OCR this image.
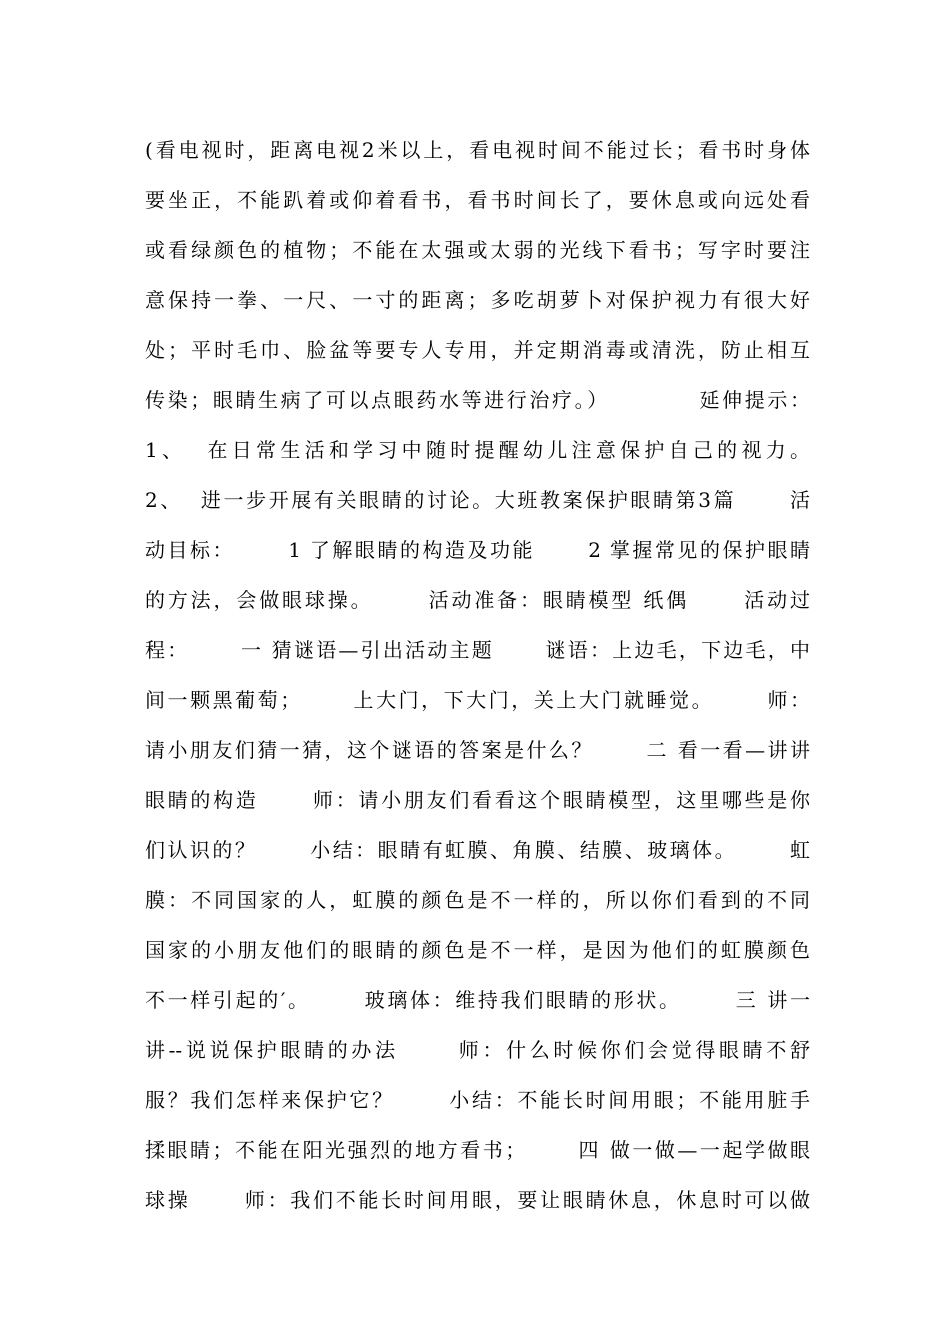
(看电视时，距离电视2米以上，看电视时间不能过长；看书时身体
要坐正，不能趴着或仰着看书，看书时间长了，要休息或向远处看
或看绿颜色的植物；不能在太强或太弱的光线下看书；写字时要注
意保持一拳、一尺、一寸的距离；多吃胡萝卜对保护视力有很大好
处；平时毛巾、脸盆等要专人专用，并定期消毒或清洗，防止相互
传染；眼睛生病了可以点眼药水等进行治疗。）          延伸提示：
1、  在日常生活和学习中随时提醒幼儿注意保护自己的视力。
2、  进一步开展有关眼睛的讨论。大班教案保护眼睛第3篇      活
动目标：      1 了解眼睛的构造及功能      2 掌握常见的保护眼睛
的方法，会做眼球操。      活动准备：眼睛模型 纸偶      活动过
程：      一 猜谜语—引出活动主题      谜语：上边毛，下边毛，中
间一颗黑葡萄；      上大门，下大门，关上大门就睡觉。      师：
请小朋友们猜一猜，这个谜语的答案是什么？      二 看一看—讲讲
眼睛的构造      师：请小朋友们看看这个眼睛模型，这里哪些是你
们认识的？      小结：眼睛有虹膜、角膜、结膜、玻璃体。      虹
膜：不同国家的人，虹膜的颜色是不一样的，所以你们看到的不同
国家的小朋友他们的眼睛的颜色是不一样，是因为他们的虹膜颜色
不一样引起的′。      玻璃体：维持我们眼睛的形状。      三 讲一
讲--说说保护眼睛的办法      师：什么时候你们会觉得眼睛不舒
服？我们怎样来保护它？      小结：不能长时间用眼；不能用脏手
揉眼睛；不能在阳光强烈的地方看书；      四 做一做—一起学做眼
球操      师：我们不能长时间用眼，要让眼睛休息，休息时可以做
